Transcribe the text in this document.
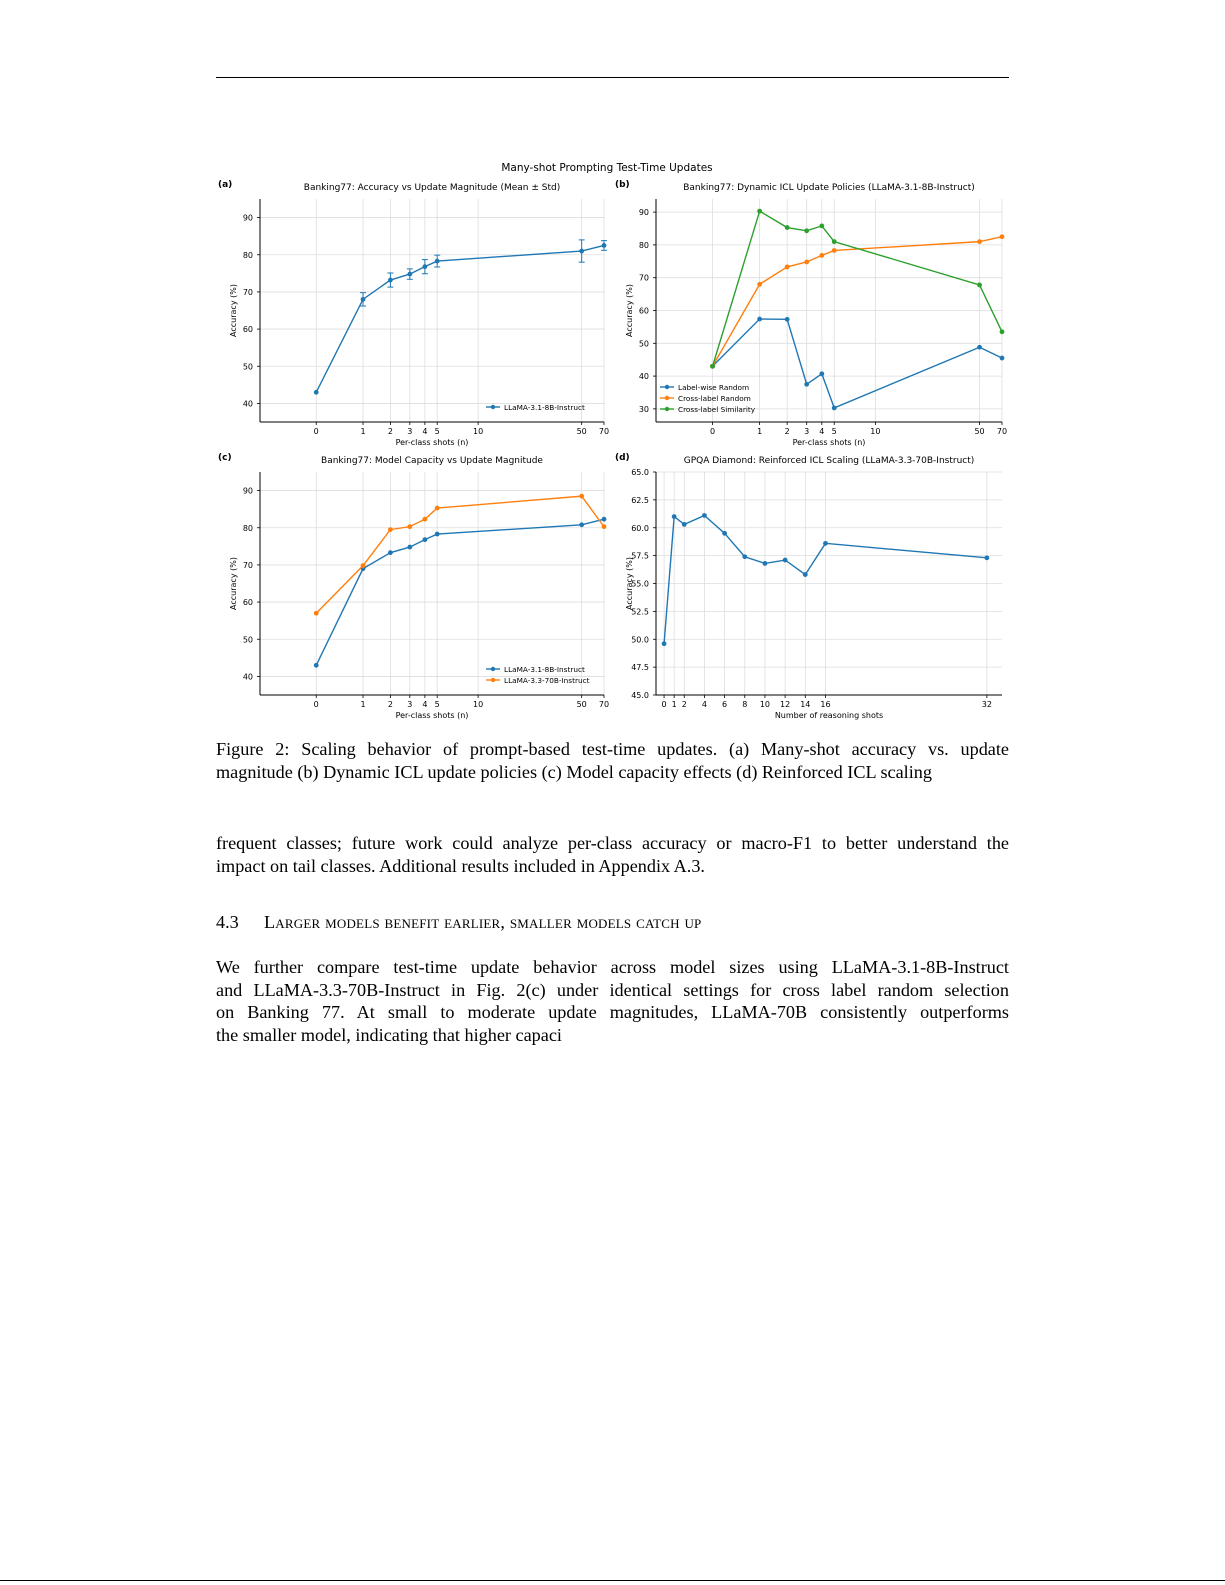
Many-shot Prompting Test-Time Updates
(a)	Banking77: Accuracy vs Update Magnitude (Mean ± Std)
0	1	2 3 4 5	10	50 70
40
50
60
70
80
90
Per-class shots (n)
Accuracy (%)
LLaMA-3.1-8B-Instruct
(b)	Banking77: Dynamic ICL Update Policies (LLaMA-3.1-8B-Instruct)
0	1	2 3 4 5	10	50 70
30
40
50
60
70
80
90
Per-class shots (n)
Accuracy (%)
Label-wise Random
Cross-label Random
Cross-label Similarity
(c)	Banking77: Model Capacity vs Update Magnitude
0	1	2 3 4 5	10	50 70
40
50
60
70
80
90
Per-class shots (n)
Accuracy (%)
LLaMA-3.1-8B-Instruct
LLaMA-3.3-70B-Instruct
(d)	GPQA Diamond: Reinforced ICL Scaling (LLaMA-3.3-70B-Instruct)
0 1 2 4 6 8 10 12 14 16	32
45.0
47.5
50.0
52.5
55.0
57.5
60.0
62.5
65.0
Number of reasoning shots
Accuracy (%)
Figure 2: Scaling behavior of prompt-based test-time updates. (a) Many-shot accuracy vs. update
magnitude (b) Dynamic ICL update policies (c) Model capacity effects (d) Reinforced ICL scaling
frequent classes; future work could analyze per-class accuracy or macro-F1 to better understand the
impact on tail classes. Additional results included in Appendix A.3.
4.3 Larger models benefit earlier, smaller models catch up
We further compare test-time update behavior across model sizes using LLaMA-3.1-8B-Instruct
and LLaMA-3.3-70B-Instruct in Fig. 2(c) under identical settings for cross label random selection
on Banking 77. At small to moderate update magnitudes, LLaMA-70B consistently outperforms
the smaller model, indicating that higher capaci
